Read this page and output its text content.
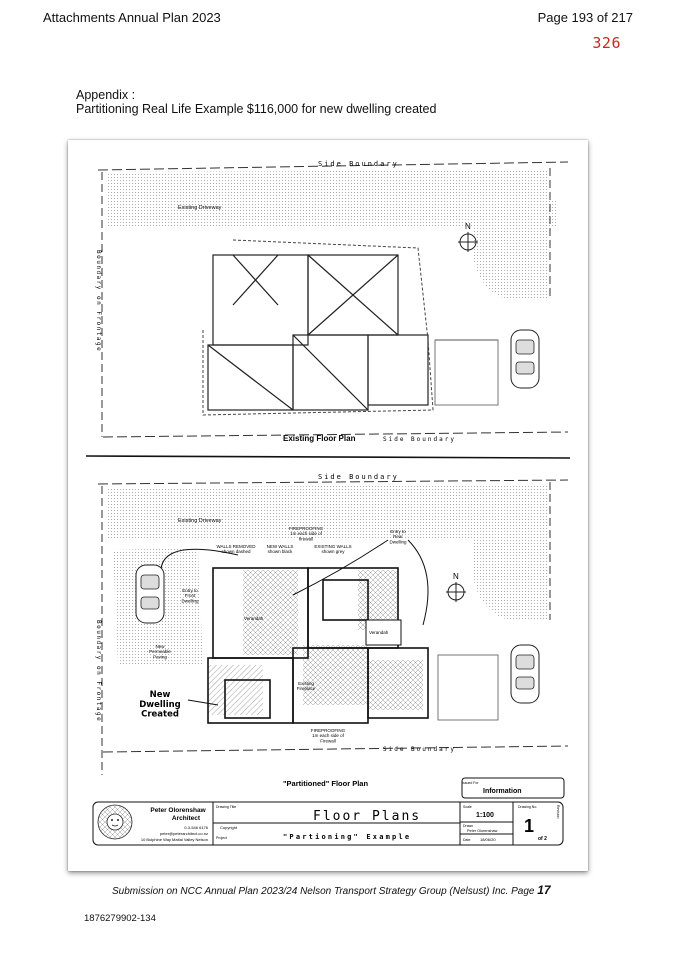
Attachments Annual Plan 2023	Page 193 of 217
326
Appendix :
Partitioning Real Life Example $116,000 for new dwelling created
N
Side Boundary
Existing Driveway
Boundary on Frontage
Existing Floor Plan	Side Boundary
Verandah
Verandah
N
Side Boundary
Existing Driveway
Boundary on Frontage
Side Boundary
FIREPROOFING 1m each side of firewall
WALLS REMOVED shown dashed
NEW WALLS shown black
EXISTING WALLS shown grey
Entry to Rear Dwelling
Entry to Front Dwelling
New Permeable Paving
Existing Fireplace
FIREPROOFING 1m each side of Firewall
New Dwelling Created
"Partitioned" Floor Plan	Issued For
Information
Peter Olorenshaw
Architect
0-3-546 6176
peter@peterarchitect.co.nz
10 Bulphine Way Maitai Valley Nelson
Drawing Title
Floor Plans
Copyright
Project	"Partioning" Example
Scale
1:100
Drawn
Peter Olorenshaw
Date 18/06/20
Drawing No.
1
of 2
Revision
Submission on NCC Annual Plan 2023/24 Nelson Transport Strategy Group (Nelsust) Inc. Page 17
1876279902-134
